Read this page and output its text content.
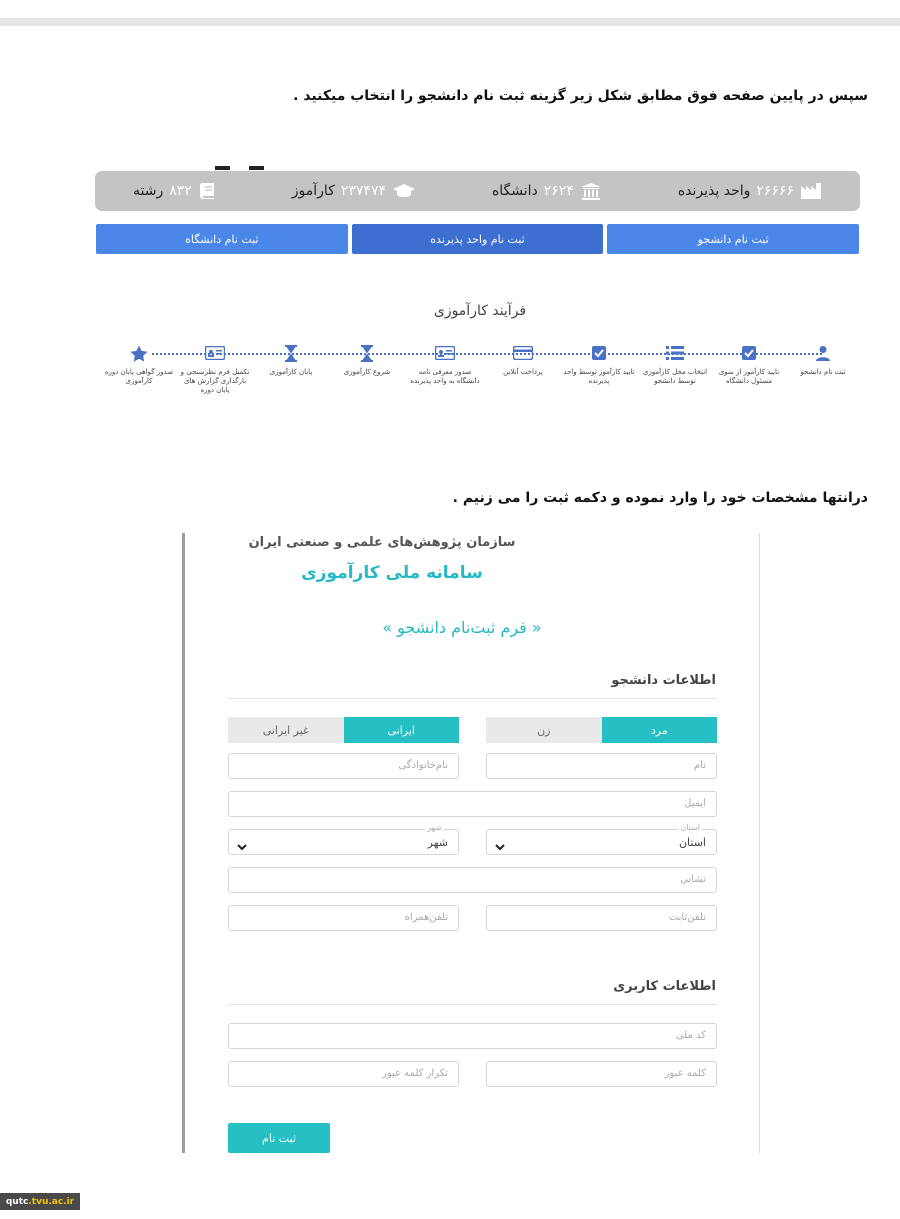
سپس در پایین صفحه فوق مطابق شکل زیر گزینه ثبت نام دانشجو را انتخاب میکنید .
۲۶۶۶۶
واحد پذیرنده
۲۶۲۴
دانشگاه
۲۳۷۴۷۴
کارآموز
۸۳۲
رشته
ثبت نام دانشجو
ثبت نام واحد پذیرنده
ثبت نام دانشگاه
فرآیند کارآموزی
ثبت نام دانشجو
تایید کارآموز از سوی مسئول دانشگاه
انتخاب محل کارآموزی توسط دانشجو
تایید کارآموز توسط واحد پذیرنده
پرداخت آنلاین
صدور معرفی نامه دانشگاه به واحد پذیرنده
شروع کارآموزی
پایان کارآموزی
تکمیل فرم نظرسنجی و بارگذاری گزارش های پایان دوره
صدور گواهی پایان دوره کارآموزی
درانتها مشخصات خود را وارد نموده و دکمه ثبت را می زنیم .
سازمان پژوهش‌های علمی و صنعتی ایران
سامانه ملی کارآموزی
« فرم ثبت‌نام دانشجو »
اطلاعات دانشجو
مرد
زن
ایرانی
غیر ایرانی
نام
نام‌خانوادگی
ایمیل
استان
استان
شهر
شهر
نشانی
تلفن‌ثابت
تلفن‌همراه
اطلاعات کاربری
کد ملی
کلمه عبور
تکرار کلمه عبور
ثبت نام
qutc .tvu.ac.ir
